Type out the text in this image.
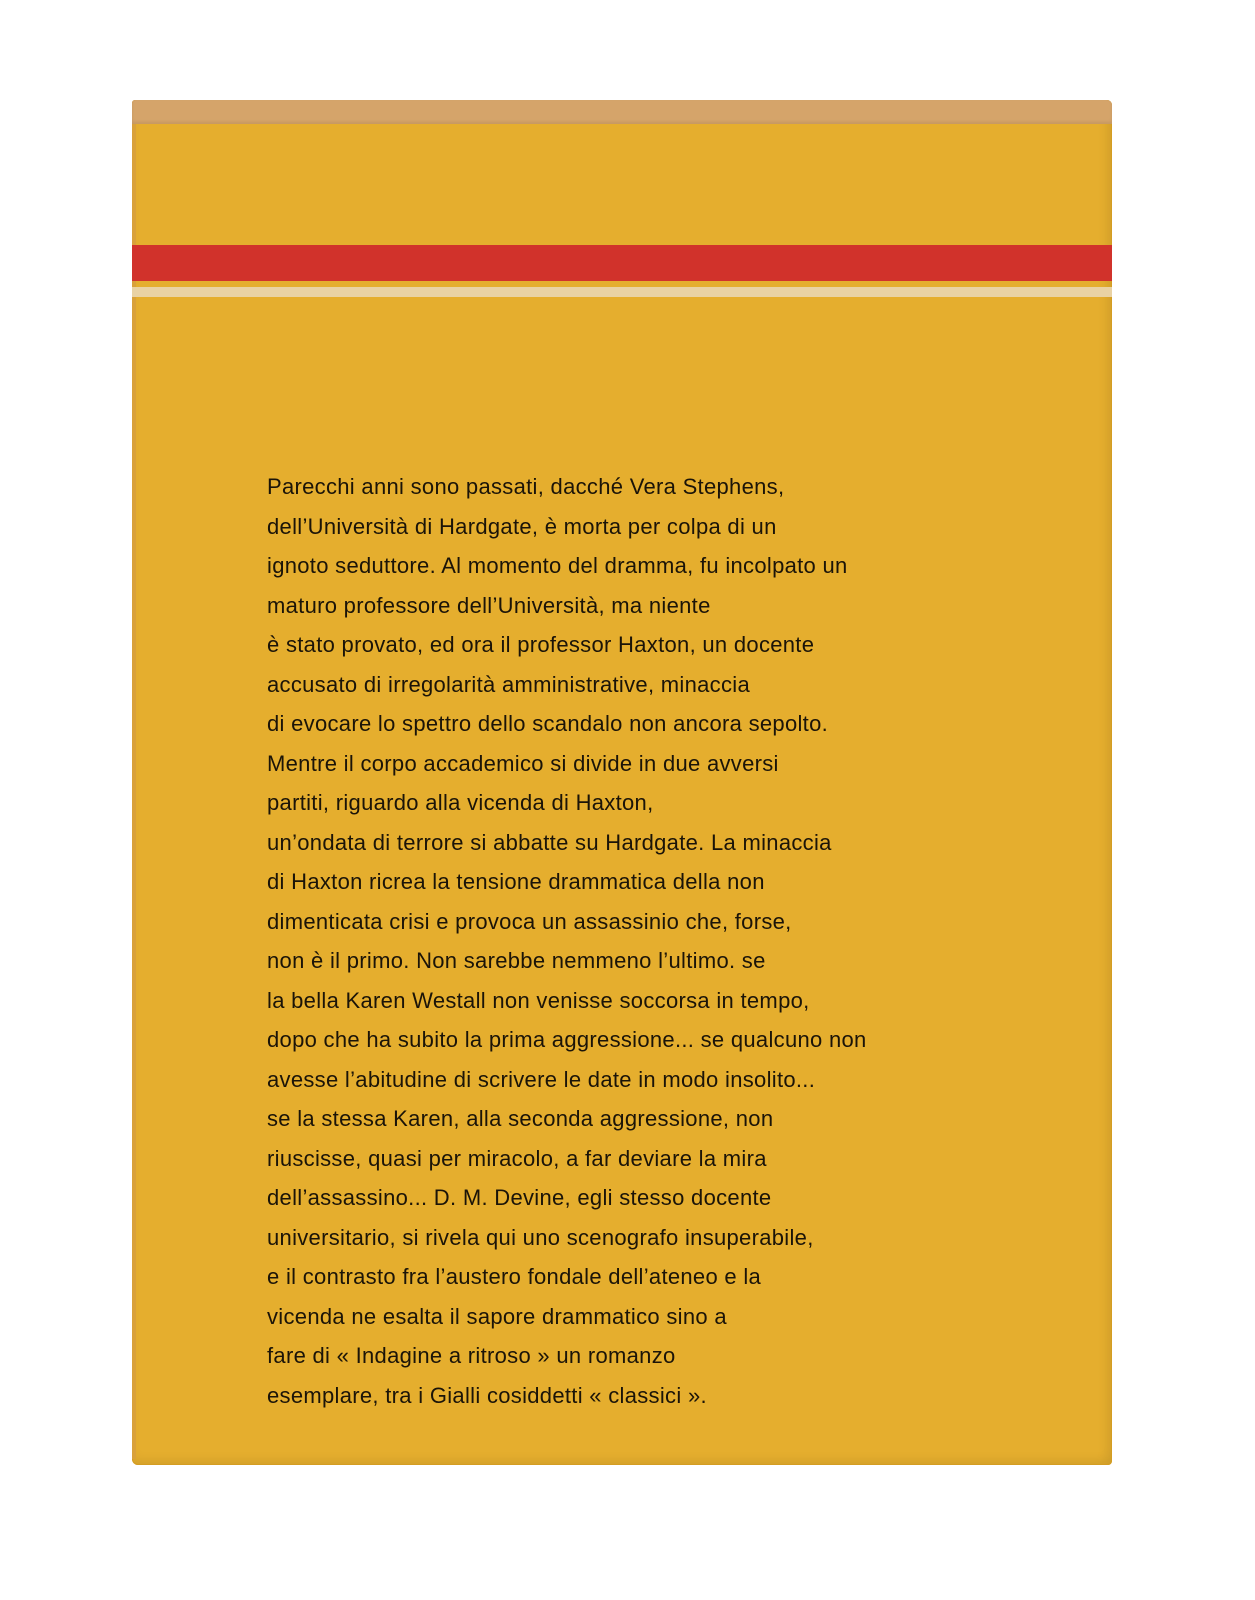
Parecchi anni sono passati, dacché Vera Stephens,
dell’Università di Hardgate, è morta per colpa di un
ignoto seduttore. Al momento del dramma, fu incolpato un
maturo professore dell’Università, ma niente
è stato provato, ed ora il professor Haxton, un docente
accusato di irregolarità amministrative, minaccia
di evocare lo spettro dello scandalo non ancora sepolto.
Mentre il corpo accademico si divide in due avversi
partiti, riguardo alla vicenda di Haxton,
un’ondata di terrore si abbatte su Hardgate. La minaccia
di Haxton ricrea la tensione drammatica della non
dimenticata crisi e provoca un assassinio che, forse,
non è il primo. Non sarebbe nemmeno l’ultimo. se
la bella Karen Westall non venisse soccorsa in tempo,
dopo che ha subito la prima aggressione... se qualcuno non
avesse l’abitudine di scrivere le date in modo insolito...
se la stessa Karen, alla seconda aggressione, non
riuscisse, quasi per miracolo, a far deviare la mira
dell’assassino... D. M. Devine, egli stesso docente
universitario, si rivela qui uno scenografo insuperabile,
e il contrasto fra l’austero fondale dell’ateneo e la
vicenda ne esalta il sapore drammatico sino a
fare di « Indagine a ritroso » un romanzo
esemplare, tra i Gialli cosiddetti « classici ».
